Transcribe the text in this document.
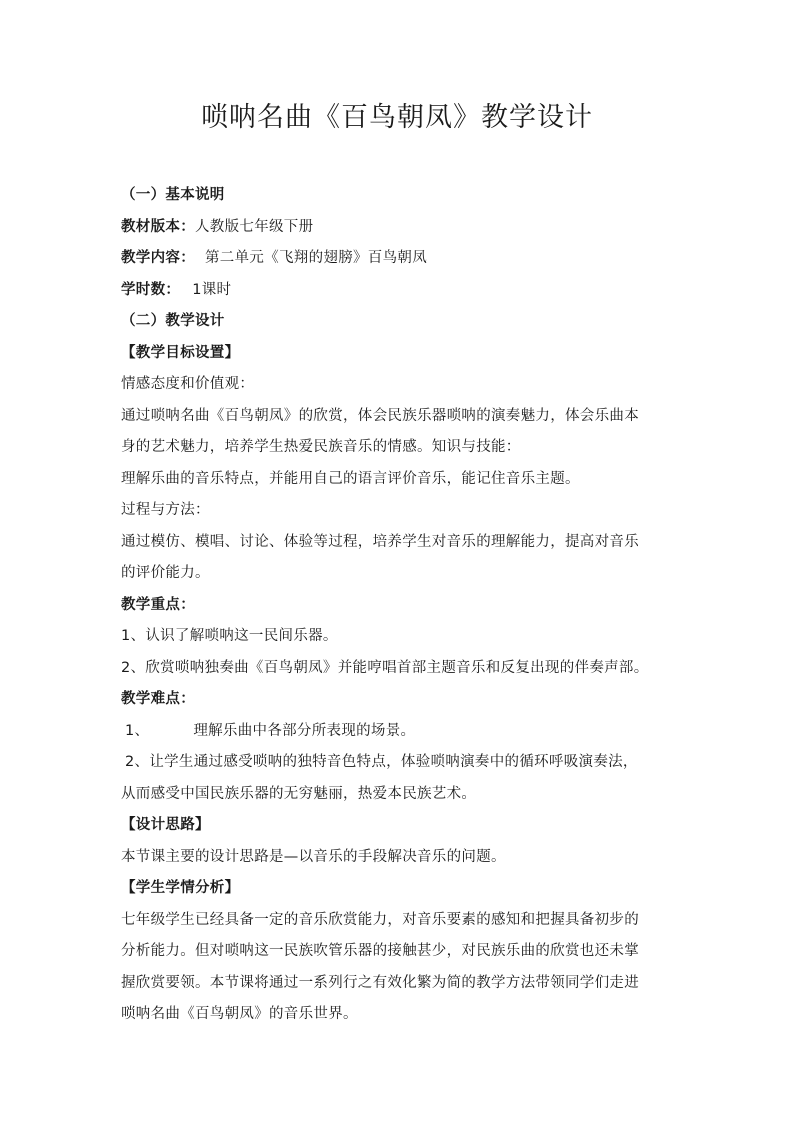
唢呐名曲《百鸟朝凤》教学设计
（一）基本说明
教材版本：人教版七年级下册
教学内容： 第二单元《飞翔的翅膀》百鸟朝凤
学时数： 1课时
（二）教学设计
【教学目标设置】
情感态度和价值观：
通过唢呐名曲《百鸟朝凤》的欣赏，体会民族乐器唢呐的演奏魅力，体会乐曲本
身的艺术魅力，培养学生热爱民族音乐的情感。知识与技能：
理解乐曲的音乐特点，并能用自己的语言评价音乐，能记住音乐主题。
过程与方法：
通过模仿、模唱、讨论、体验等过程，培养学生对音乐的理解能力，提高对音乐
的评价能力。
教学重点：
1、认识了解唢呐这一民间乐器。
2、欣赏唢呐独奏曲《百鸟朝凤》并能哼唱首部主题音乐和反复出现的伴奏声部。
教学难点：
1、	理解乐曲中各部分所表现的场景。
2、让学生通过感受唢呐的独特音色特点，体验唢呐演奏中的循环呼吸演奏法，
从而感受中国民族乐器的无穷魅丽，热爱本民族艺术。
【设计思路】
本节课主要的设计思路是—以音乐的手段解决音乐的问题。
【学生学情分析】
七年级学生已经具备一定的音乐欣赏能力，对音乐要素的感知和把握具备初步的
分析能力。但对唢呐这一民族吹管乐器的接触甚少，对民族乐曲的欣赏也还未掌
握欣赏要领。本节课将通过一系列行之有效化繁为简的教学方法带领同学们走进
唢呐名曲《百鸟朝凤》的音乐世界。
